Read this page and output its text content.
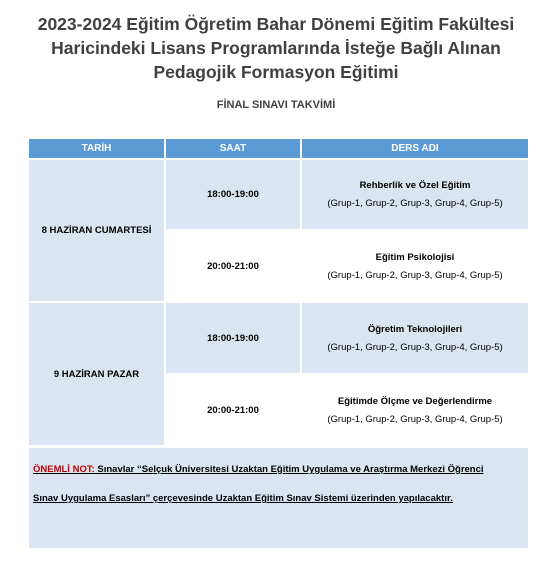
2023-2024 Eğitim Öğretim Bahar Dönemi Eğitim Fakültesi
Haricindeki Lisans Programlarında İsteğe Bağlı Alınan
Pedagojik Formasyon Eğitimi
FİNAL SINAVI TAKVİMİ
TARİH	SAAT	DERS ADI
8 HAZİRAN CUMARTESİ
18:00-19:00
Rehberlik ve Özel Eğitim
(Grup-1, Grup-2, Grup-3, Grup-4, Grup-5)
20:00-21:00
Eğitim Psikolojisi
(Grup-1, Grup-2, Grup-3, Grup-4, Grup-5)
9 HAZİRAN PAZAR
18:00-19:00
Öğretim Teknolojileri
(Grup-1, Grup-2, Grup-3, Grup-4, Grup-5)
20:00-21:00
Eğitimde Ölçme ve Değerlendirme
(Grup-1, Grup-2, Grup-3, Grup-4, Grup-5)
ÖNEMLİ NOT: Sınavlar “Selçuk Üniversitesi Uzaktan Eğitim Uygulama ve Araştırma Merkezi Öğrenci
Sınav Uygulama Esasları” çerçevesinde Uzaktan Eğitim Sınav Sistemi üzerinden yapılacaktır.
